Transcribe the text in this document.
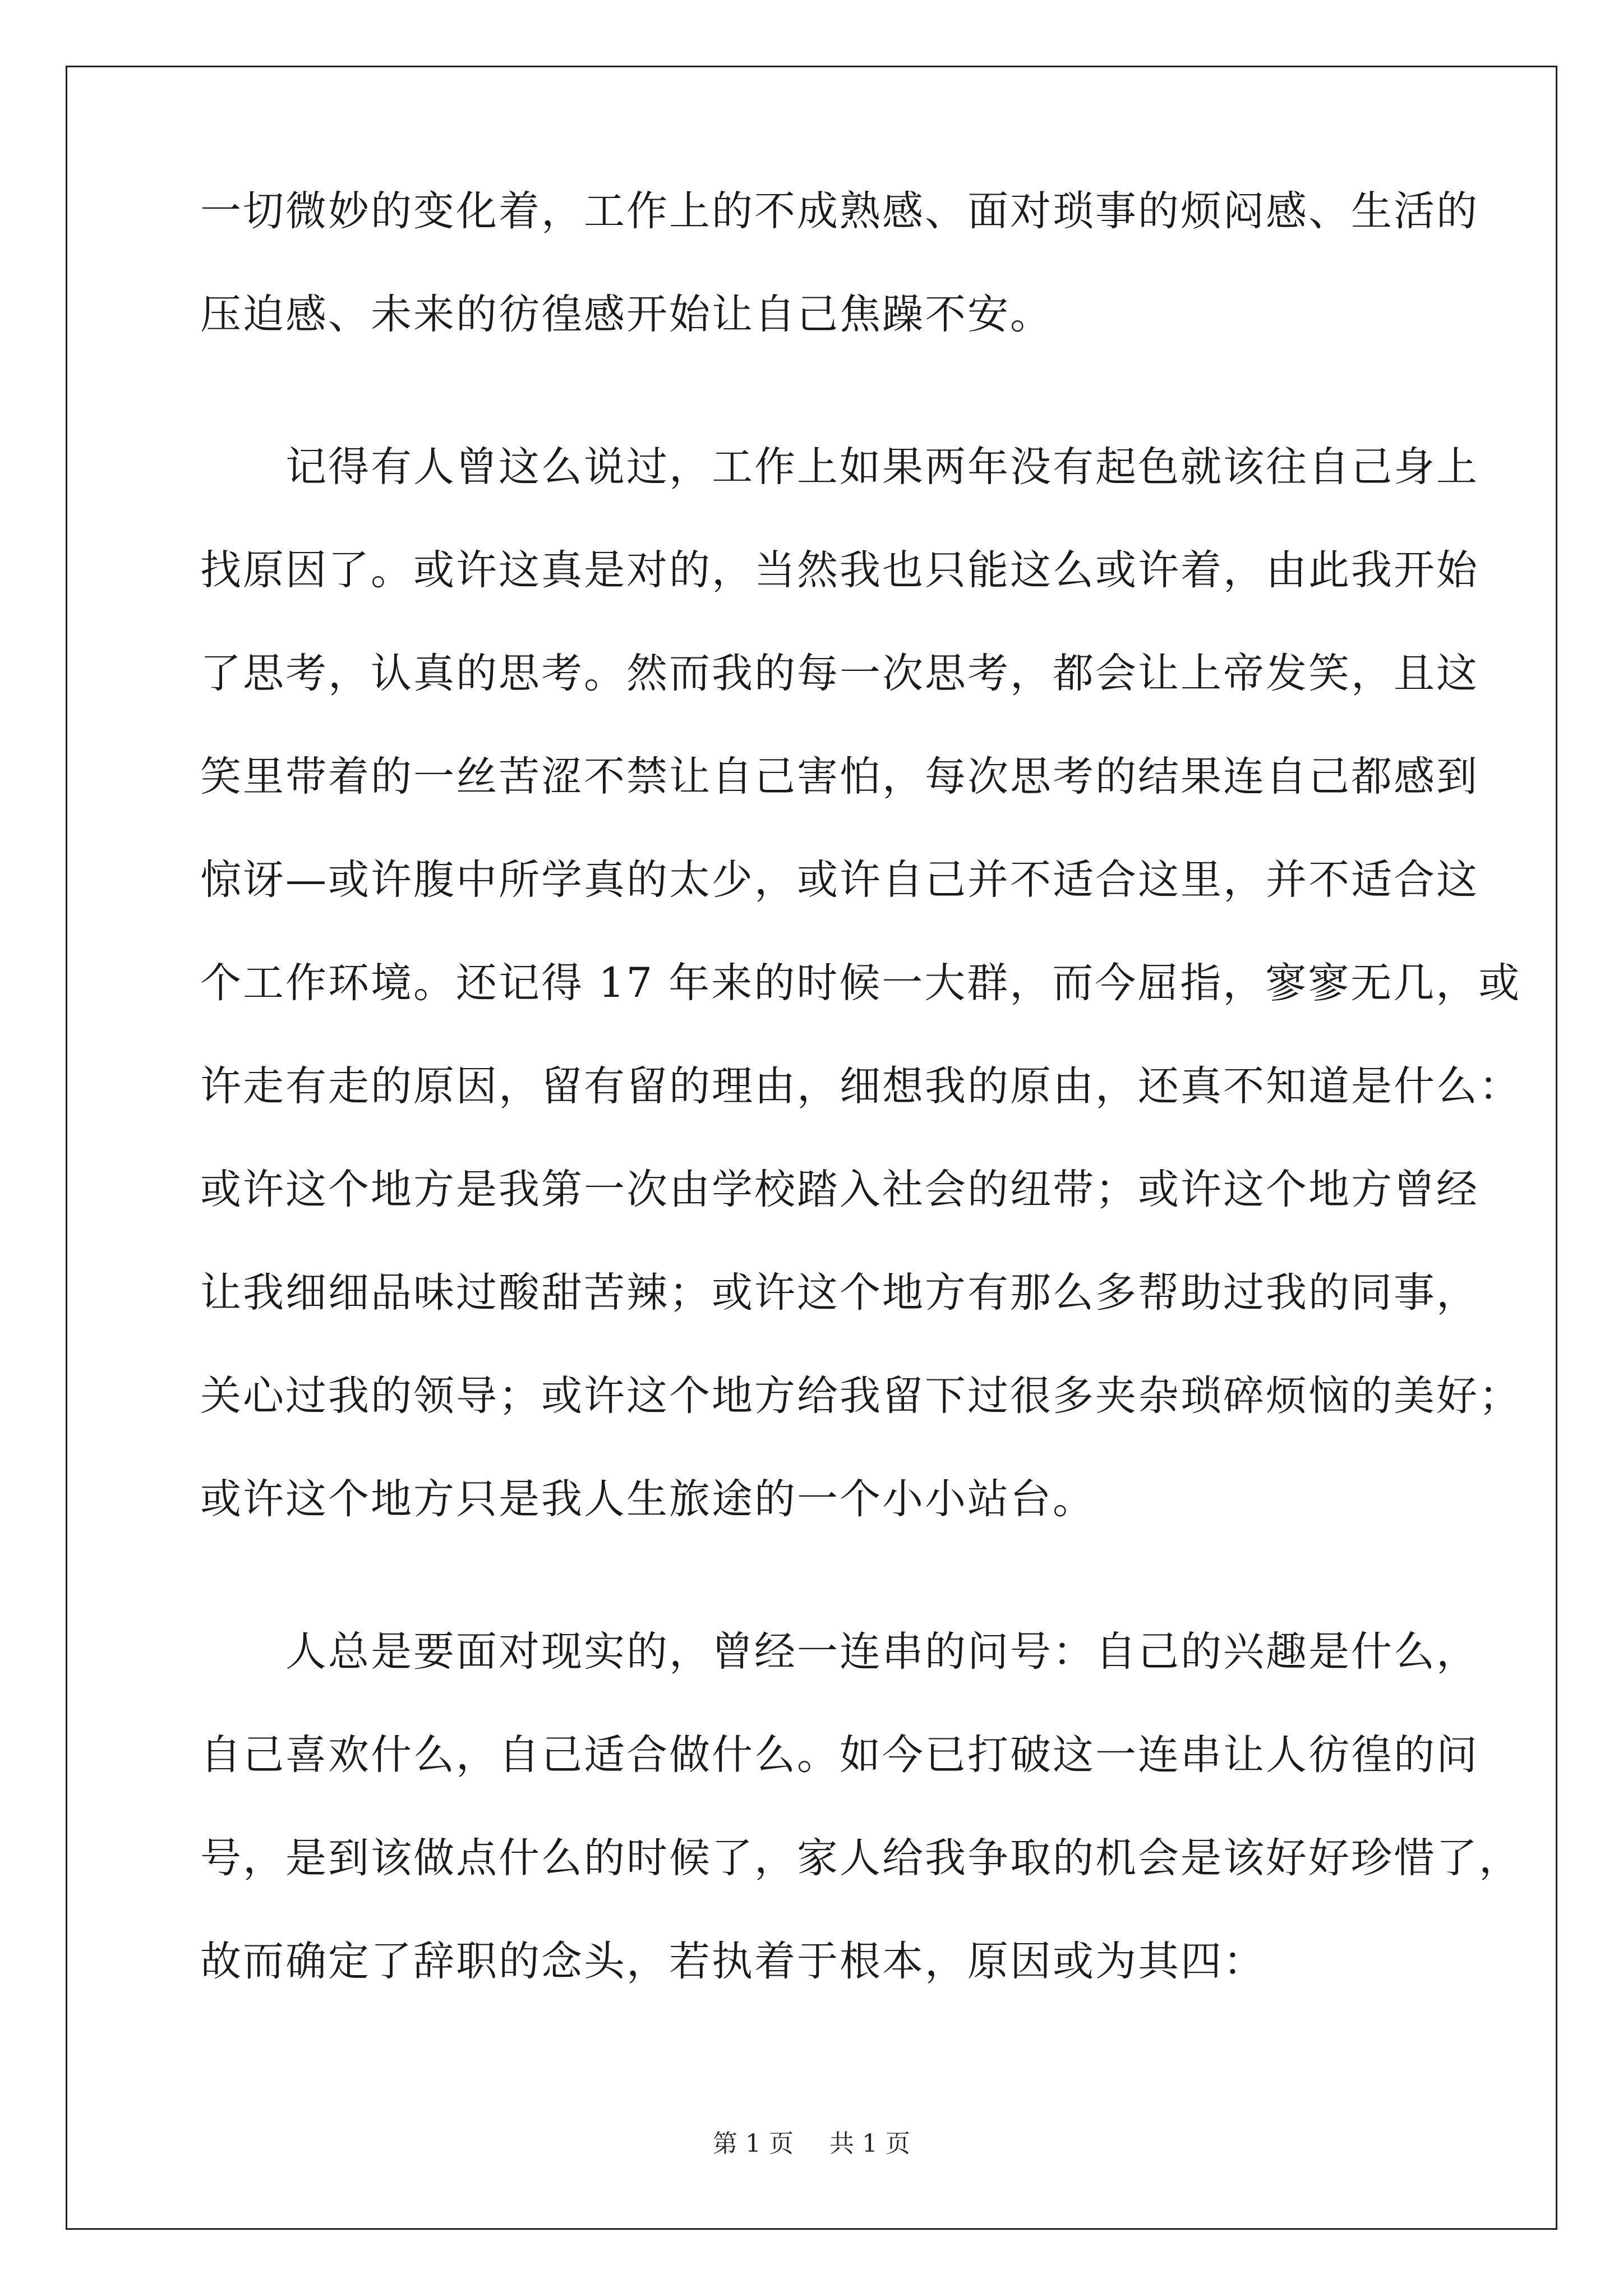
一切微妙的变化着，工作上的不成熟感、面对琐事的烦闷感、生活的
压迫感、未来的彷徨感开始让自己焦躁不安。
　　记得有人曾这么说过，工作上如果两年没有起色就该往自己身上
找原因了。或许这真是对的，当然我也只能这么或许着，由此我开始
了思考，认真的思考。然而我的每一次思考，都会让上帝发笑，且这
笑里带着的一丝苦涩不禁让自己害怕，每次思考的结果连自己都感到
惊讶—或许腹中所学真的太少，或许自己并不适合这里，并不适合这
个工作环境。还记得 17 年来的时候一大群，而今屈指，寥寥无几，或
许走有走的原因，留有留的理由，细想我的原由，还真不知道是什么：
或许这个地方是我第一次由学校踏入社会的纽带；或许这个地方曾经
让我细细品味过酸甜苦辣；或许这个地方有那么多帮助过我的同事，
关心过我的领导；或许这个地方给我留下过很多夹杂琐碎烦恼的美好；
或许这个地方只是我人生旅途的一个小小站台。
　　人总是要面对现实的，曾经一连串的问号：自己的兴趣是什么，
自己喜欢什么，自己适合做什么。如今已打破这一连串让人彷徨的问
号，是到该做点什么的时候了，家人给我争取的机会是该好好珍惜了，
故而确定了辞职的念头，若执着于根本，原因或为其四：
第 1 页 共 1 页
